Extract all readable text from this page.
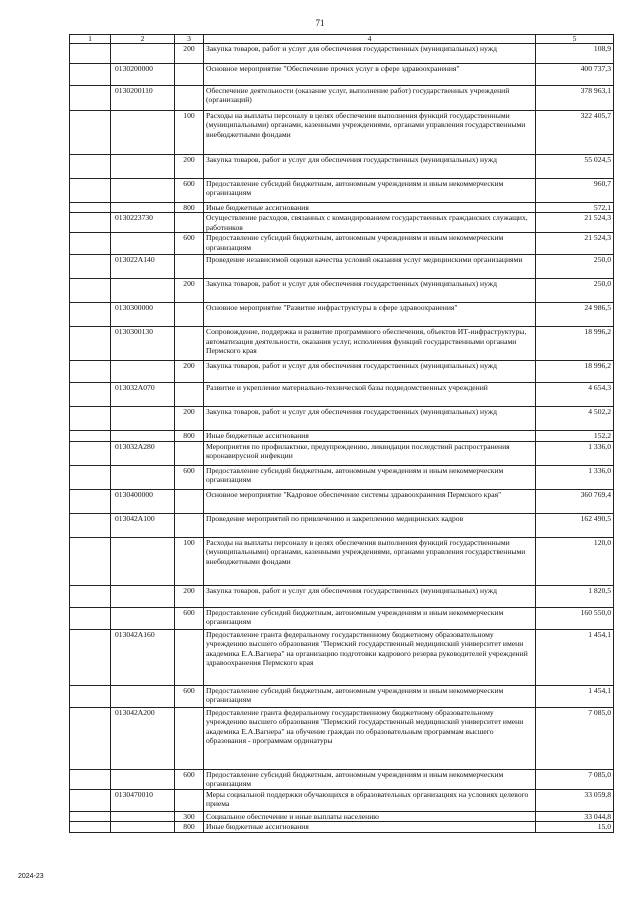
71
1	2	3	4	5
		200	Закупка товаров, работ и услуг для обеспечения государственных (муниципальных) нужд	108,9
	0130200000		Основное мероприятие "Обеспечение прочих услуг в сфере здравоохранения"	400 737,3
	0130200110		Обеспечение деятельности (оказание услуг, выполнение работ) государственных учреждений (организаций)	378 963,1
		100	Расходы на выплаты персоналу в целях обеспечения выполнения функций государственными (муниципальными) органами, казенными учреждениями, органами управления государственными внебюджетными фондами	322 405,7
		200	Закупка товаров, работ и услуг для обеспечения государственных (муниципальных) нужд	55 024,5
		600	Предоставление субсидий бюджетным, автономным учреждениям и иным некоммерческим организациям	960,7
		800	Иные бюджетные ассигнования	572,1
	0130223730		Осуществление расходов, связанных с командированием государственных гражданских служащих, работников	21 524,3
		600	Предоставление субсидий бюджетным, автономным учреждениям и иным некоммерческим организациям	21 524,3
	013022А140		Проведение независимой оценки качества условий оказания услуг медицинскими организациями	250,0
		200	Закупка товаров, работ и услуг для обеспечения государственных (муниципальных) нужд	250,0
	0130300000		Основное мероприятие "Развитие инфраструктуры в сфере здравоохранения"	24 986,5
	0130300130		Сопровождение, поддержка и развитие программного обеспечения, объектов ИТ-инфраструктуры, автоматизация деятельности, оказания услуг, исполнения функций государственными органами Пермского края	18 996,2
		200	Закупка товаров, работ и услуг для обеспечения государственных (муниципальных) нужд	18 996,2
	013032А070		Развитие и укрепление материально-технической базы подведомственных учреждений	4 654,3
		200	Закупка товаров, работ и услуг для обеспечения государственных (муниципальных) нужд	4 502,2
		800	Иные бюджетные ассигнования	152,2
	013032А280		Мероприятия по профилактике, предупреждению, ликвидации последствий распространения коронавирусной инфекции	1 336,0
		600	Предоставление субсидий бюджетным, автономным учреждениям и иным некоммерческим организациям	1 336,0
	0130400000		Основное мероприятие "Кадровое обеспечение системы здравоохранения Пермского края"	360 769,4
	013042А100		Проведение мероприятий по привлечению и закреплению медицинских кадров	162 490,5
		100	Расходы на выплаты персоналу в целях обеспечения выполнения функций государственными (муниципальными) органами, казенными учреждениями, органами управления государственными внебюджетными фондами	120,0
		200	Закупка товаров, работ и услуг для обеспечения государственных (муниципальных) нужд	1 820,5
		600	Предоставление субсидий бюджетным, автономным учреждениям и иным некоммерческим организациям	160 550,0
	013042А160		Предоставление гранта федеральному государственному бюджетному образовательному учреждению высшего образования "Пермский государственный медицинский университет имени академика Е.А.Вагнера" на организацию подготовки кадрового резерва руководителей учреждений здравоохранения Пермского края	1 454,1
		600	Предоставление субсидий бюджетным, автономным учреждениям и иным некоммерческим организациям	1 454,1
	013042А200		Предоставление гранта федеральному государственному бюджетному образовательному учреждению высшего образования "Пермский государственный медицинский университет имени академика Е.А.Вагнера" на обучение граждан по образовательным программам высшего образования - программам ординатуры	7 085,0
		600	Предоставление субсидий бюджетным, автономным учреждениям и иным некоммерческим организациям	7 085,0
	0130470010		Меры социальной поддержки обучающихся в образовательных организациях на условиях целевого приема	33 059,8
		300	Социальное обеспечение и иные выплаты населению	33 044,8
		800	Иные бюджетные ассигнования	15,0
2024-23
